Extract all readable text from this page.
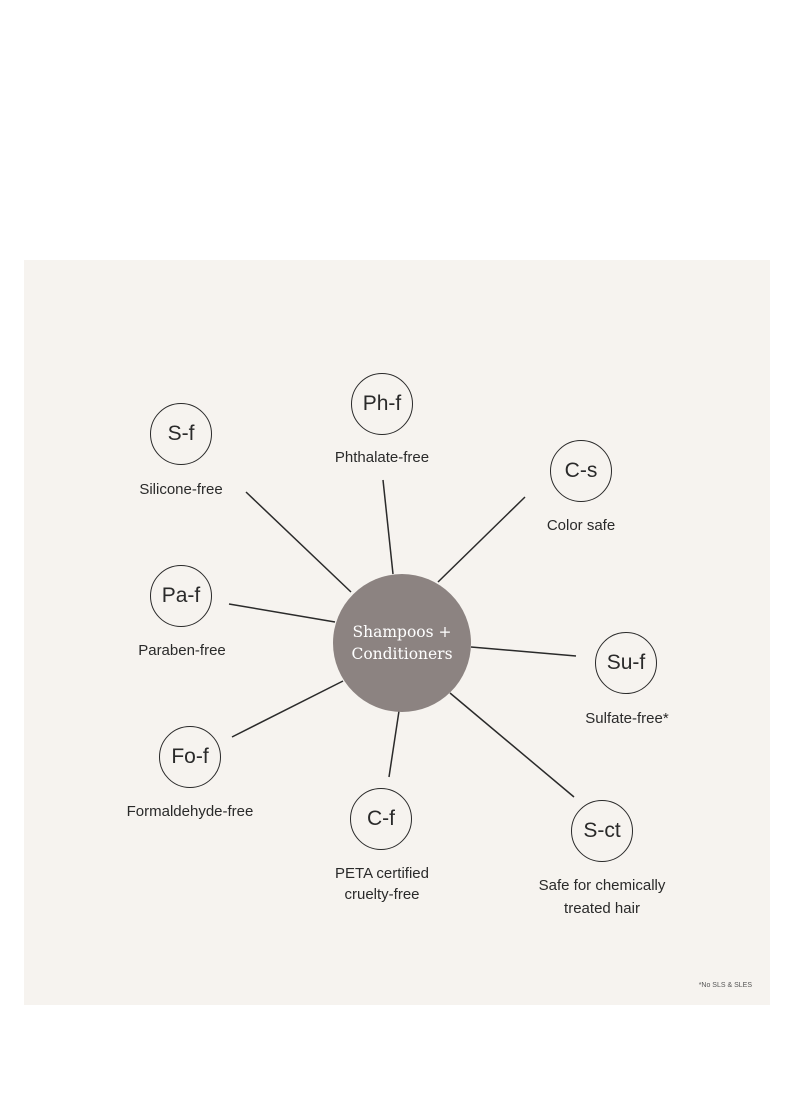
Shampoos +
Conditioners
S-f
Silicone-free
Ph-f
Phthalate-free
C-s
Color safe
Pa-f
Paraben-free
Su-f
Sulfate-free*
Fo-f
Formaldehyde-free	C-f
PETA certified
cruelty-free
S-ct
Safe for chemically
treated hair
*No SLS & SLES
